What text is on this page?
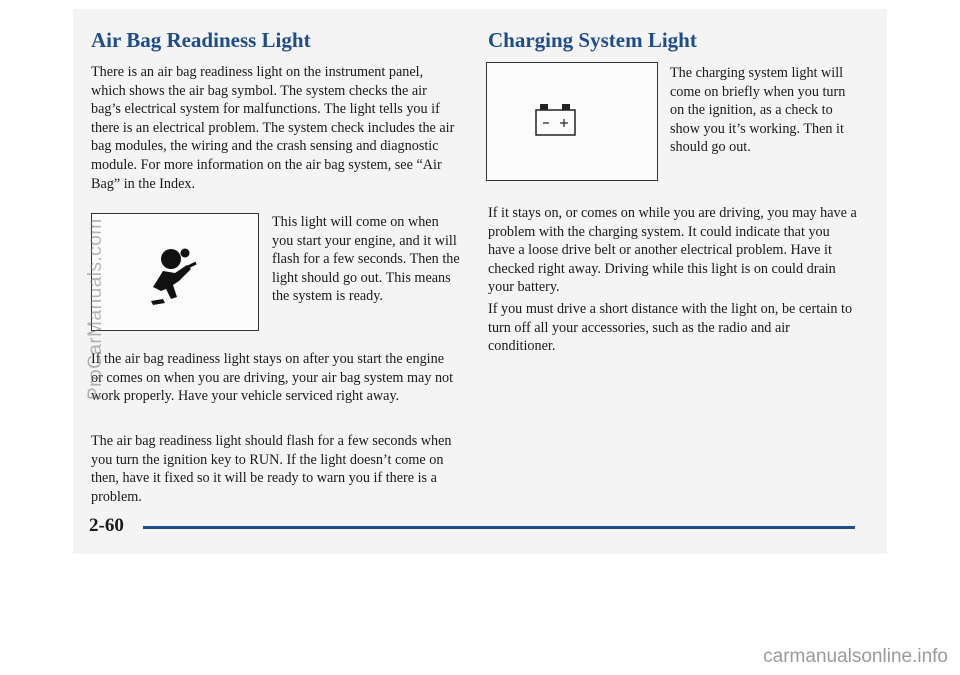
Air Bag Readiness Light

There is an air bag readiness light on the instrument panel, which shows the air bag symbol. The system checks the air bag’s electrical system for malfunctions. The light tells you if there is an electrical problem. The system check includes the air bag modules, the wiring and the crash sensing and diagnostic module. For more information on the air bag system, see “Air Bag” in the Index.

This light will come on when you start your engine, and it will flash for a few seconds. Then the light should go out. This means the system is ready.

If the air bag readiness light stays on after you start the engine or comes on when you are driving, your air bag system may not work properly. Have your vehicle serviced right away.

The air bag readiness light should flash for a few seconds when you turn the ignition key to RUN. If the light doesn’t come on then, have it fixed so it will be ready to warn you if there is a problem.

Charging System Light

The charging system light will come on briefly when you turn on the ignition, as a check to show you it’s working. Then it should go out.

If it stays on, or comes on while you are driving, you may have a problem with the charging system. It could indicate that you have a loose drive belt or another electrical problem. Have it checked right away. Driving while this light is on could drain your battery.

If you must drive a short distance with the light on, be certain to turn off all your accessories, such as the radio and air conditioner.

2-60

ProCarManuals.com
carmanualsonline.info
